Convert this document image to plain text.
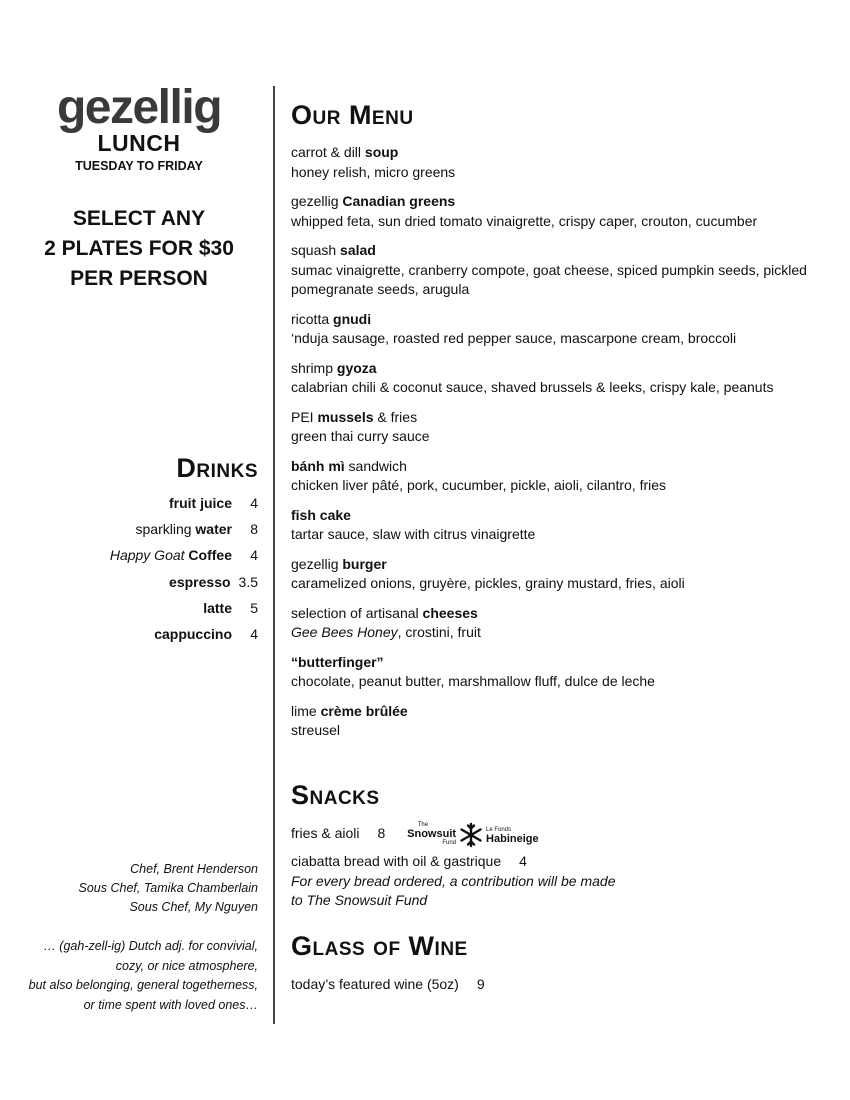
gezellig
LUNCH
TUESDAY TO FRIDAY
SELECT ANY
2 PLATES FOR $30
PER PERSON
Drinks
fruit juice 4
sparkling water 8
Happy Goat Coffee 4
espresso 3.5
latte 5
cappuccino 4
Chef, Brent Henderson
Sous Chef, Tamika Chamberlain
Sous Chef, My Nguyen
… (gah-zell-ig) Dutch adj. for convivial,
cozy, or nice atmosphere,
but also belonging, general togetherness,
or time spent with loved ones…
Our Menu
carrot & dill soup
honey relish, micro greens
gezellig Canadian greens
whipped feta, sun dried tomato vinaigrette, crispy caper, crouton, cucumber
squash salad
sumac vinaigrette, cranberry compote, goat cheese, spiced pumpkin seeds, pickled pomegranate seeds, arugula
ricotta gnudi
‘nduja sausage, roasted red pepper sauce, mascarpone cream, broccoli
shrimp gyoza
calabrian chili & coconut sauce, shaved brussels & leeks, crispy kale, peanuts
PEI mussels & fries
green thai curry sauce
bánh mì sandwich
chicken liver pâté, pork, cucumber, pickle, aioli, cilantro, fries
fish cake
tartar sauce, slaw with citrus vinaigrette
gezellig burger
caramelized onions, gruyère, pickles, grainy mustard, fries, aioli
selection of artisanal cheeses
Gee Bees Honey, crostini, fruit
“butterfinger”
chocolate, peanut butter, marshmallow fluff, dulce de leche
lime crème brûlée
streusel
Snacks
fries & aioli 8
The
Snowsuit
Fund
Le Fonds
Habineige
ciabatta bread with oil & gastrique 4
For every bread ordered, a contribution will be made
to The Snowsuit Fund
Glass of Wine
today’s featured wine (5oz) 9
